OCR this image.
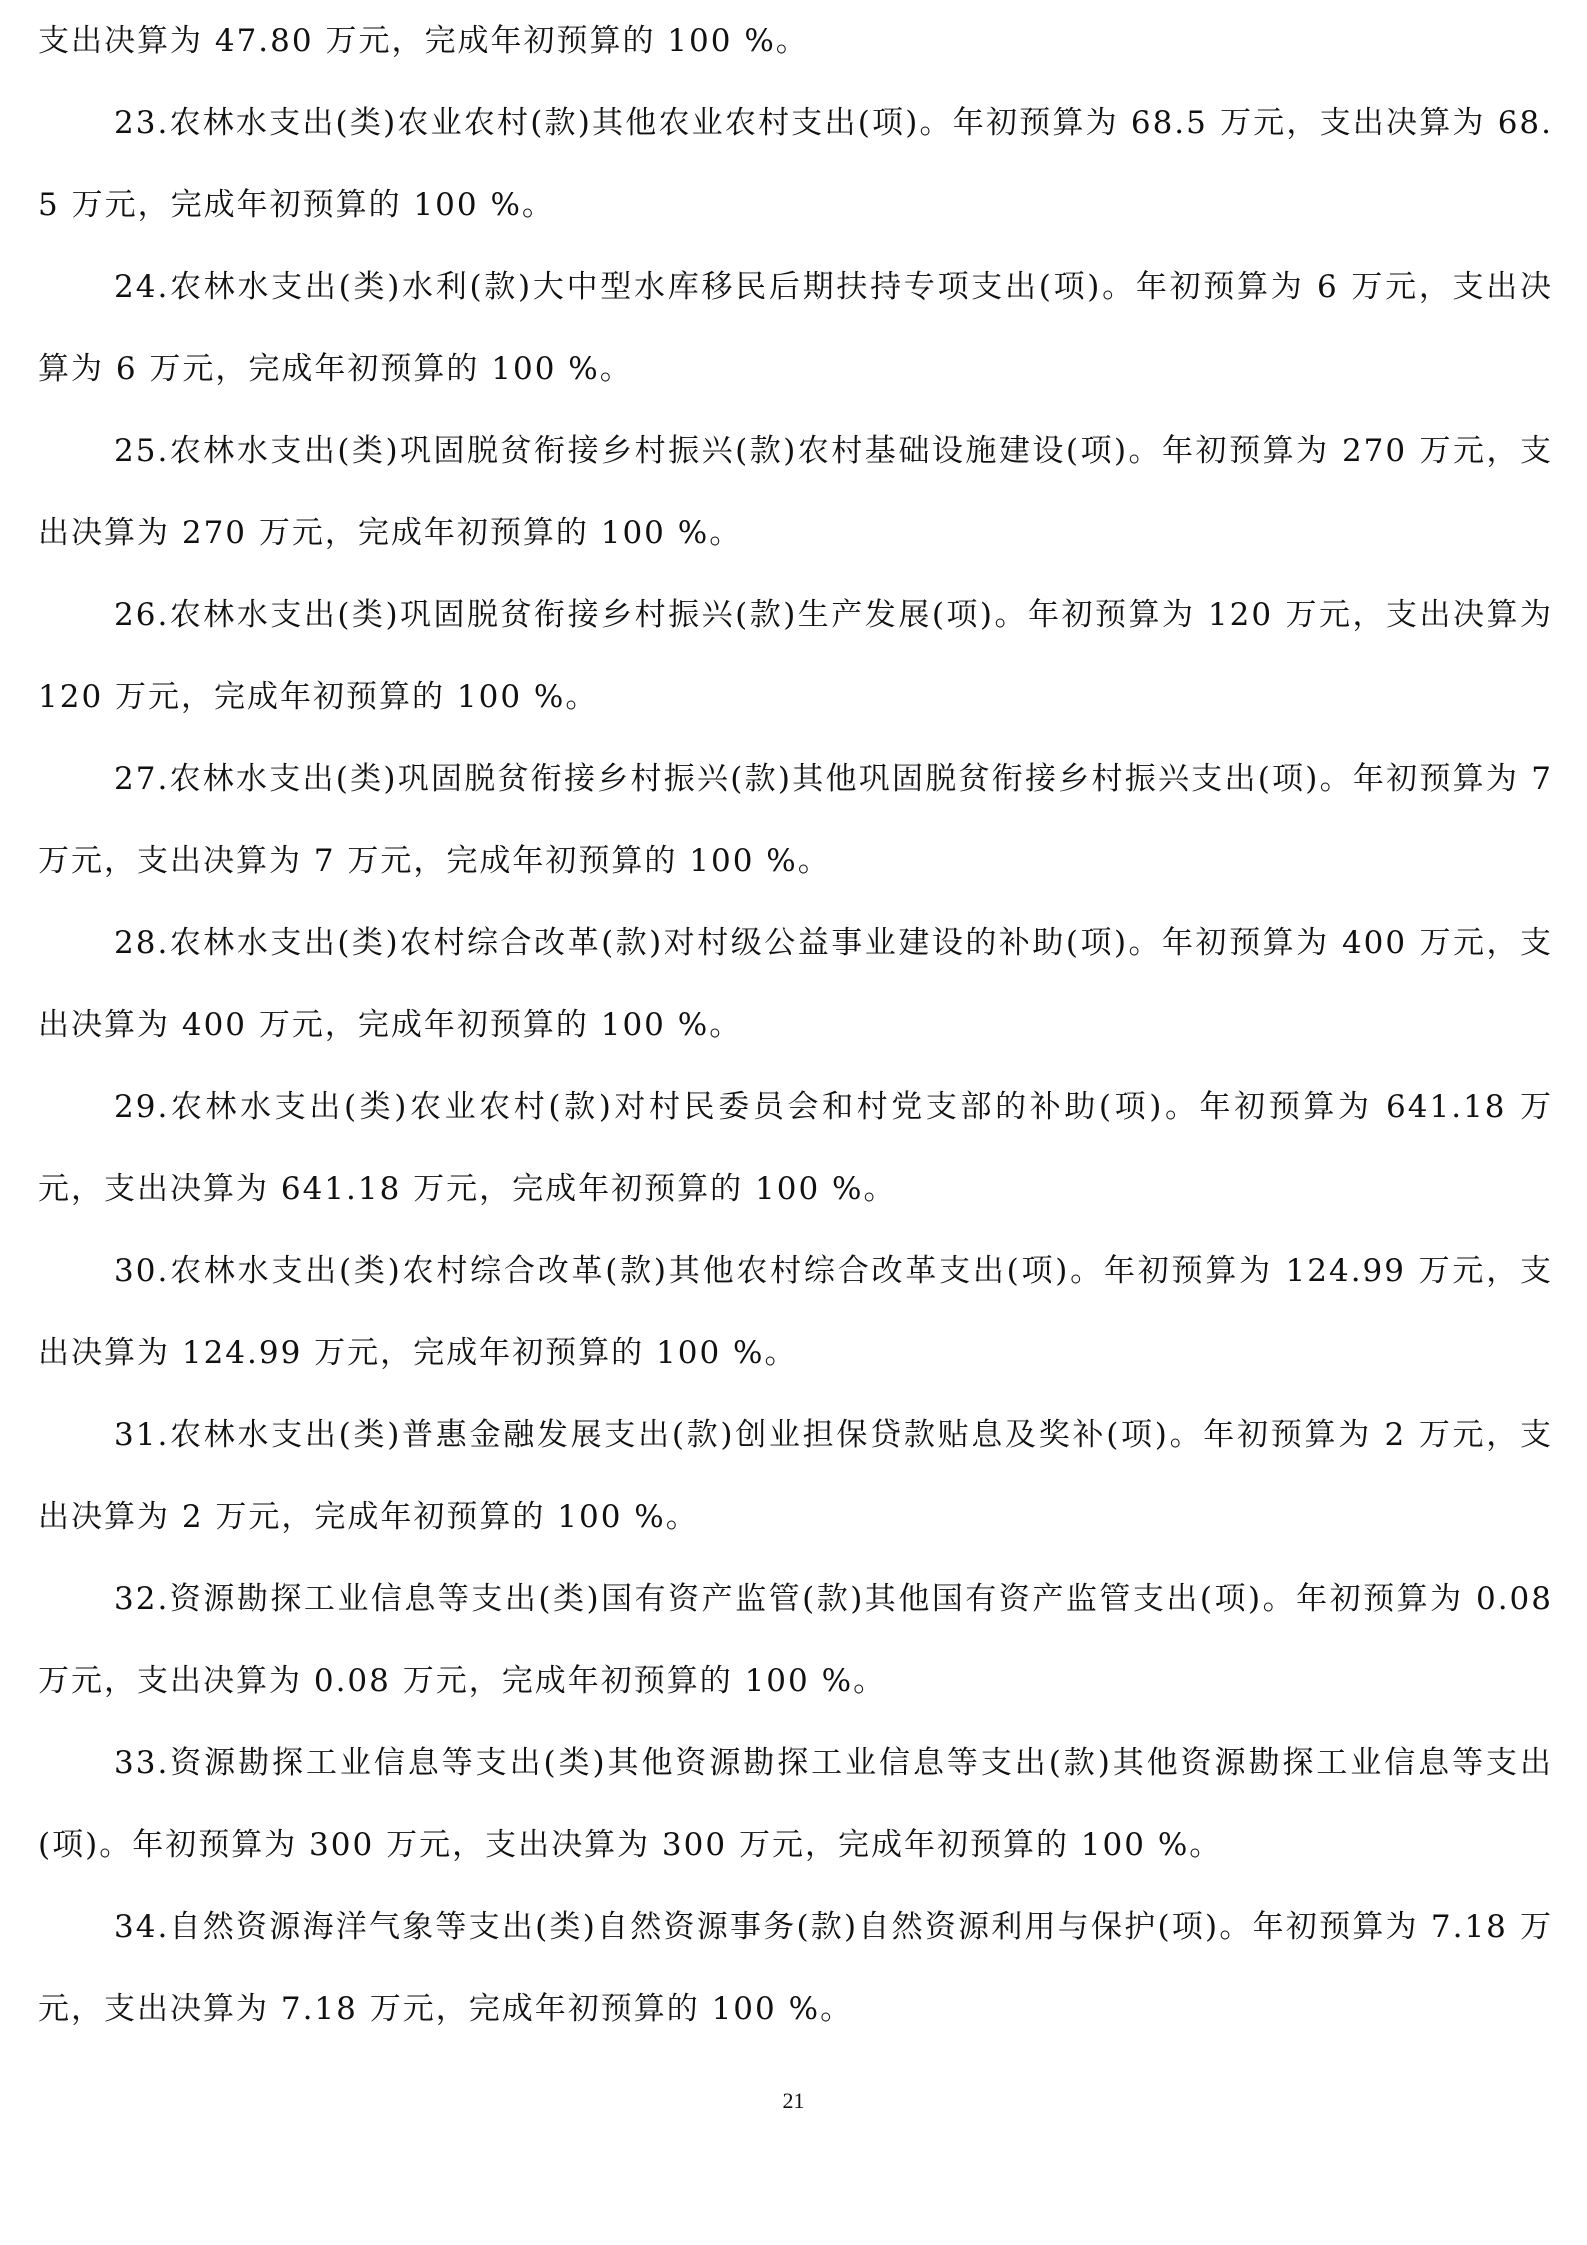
支出决算为 47.80 万元，完成年初预算的 100 %。

23.农林水支出(类)农业农村(款)其他农业农村支出(项)。年初预算为 68.5 万元，支出决算为 68.5 万元，完成年初预算的 100 %。

24.农林水支出(类)水利(款)大中型水库移民后期扶持专项支出(项)。年初预算为 6 万元，支出决算为 6 万元，完成年初预算的 100 %。

25.农林水支出(类)巩固脱贫衔接乡村振兴(款)农村基础设施建设(项)。年初预算为 270 万元，支出决算为 270 万元，完成年初预算的 100 %。

26.农林水支出(类)巩固脱贫衔接乡村振兴(款)生产发展(项)。年初预算为 120 万元，支出决算为 120 万元，完成年初预算的 100 %。

27.农林水支出(类)巩固脱贫衔接乡村振兴(款)其他巩固脱贫衔接乡村振兴支出(项)。年初预算为 7 万元，支出决算为 7 万元，完成年初预算的 100 %。

28.农林水支出(类)农村综合改革(款)对村级公益事业建设的补助(项)。年初预算为 400 万元，支出决算为 400 万元，完成年初预算的 100 %。

29.农林水支出(类)农业农村(款)对村民委员会和村党支部的补助(项)。年初预算为 641.18 万元，支出决算为 641.18 万元，完成年初预算的 100 %。

30.农林水支出(类)农村综合改革(款)其他农村综合改革支出(项)。年初预算为 124.99 万元，支出决算为 124.99 万元，完成年初预算的 100 %。

31.农林水支出(类)普惠金融发展支出(款)创业担保贷款贴息及奖补(项)。年初预算为 2 万元，支出决算为 2 万元，完成年初预算的 100 %。

32.资源勘探工业信息等支出(类)国有资产监管(款)其他国有资产监管支出(项)。年初预算为 0.08 万元，支出决算为 0.08 万元，完成年初预算的 100 %。

33.资源勘探工业信息等支出(类)其他资源勘探工业信息等支出(款)其他资源勘探工业信息等支出(项)。年初预算为 300 万元，支出决算为 300 万元，完成年初预算的 100 %。

34.自然资源海洋气象等支出(类)自然资源事务(款)自然资源利用与保护(项)。年初预算为 7.18 万元，支出决算为 7.18 万元，完成年初预算的 100 %。

21
